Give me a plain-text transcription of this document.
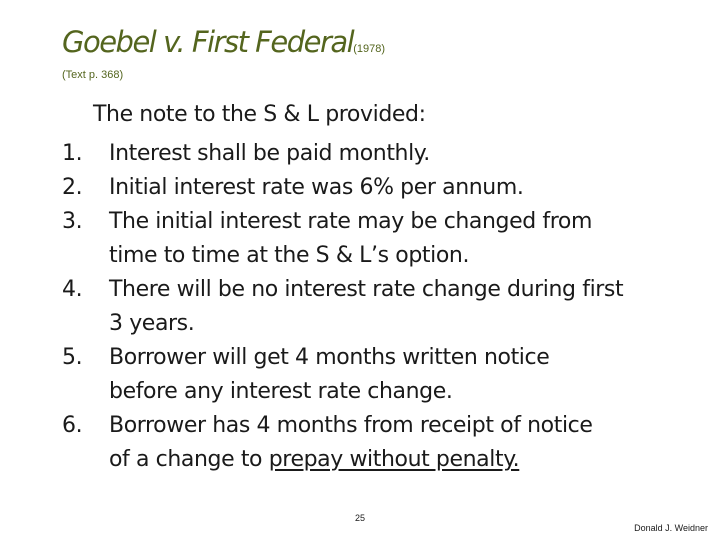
Goebel v. First Federal(1978)
(Text p. 368)
The note to the S & L provided:
1. Interest shall be paid monthly.
2. Initial interest rate was 6% per annum.
3. The initial interest rate may be changed from
time to time at the S & L’s option.
4. There will be no interest rate change during first
3 years.
5. Borrower will get 4 months written notice
before any interest rate change.
6. Borrower has 4 months from receipt of notice
of a change to prepay without penalty.
25
Donald J. Weidner
